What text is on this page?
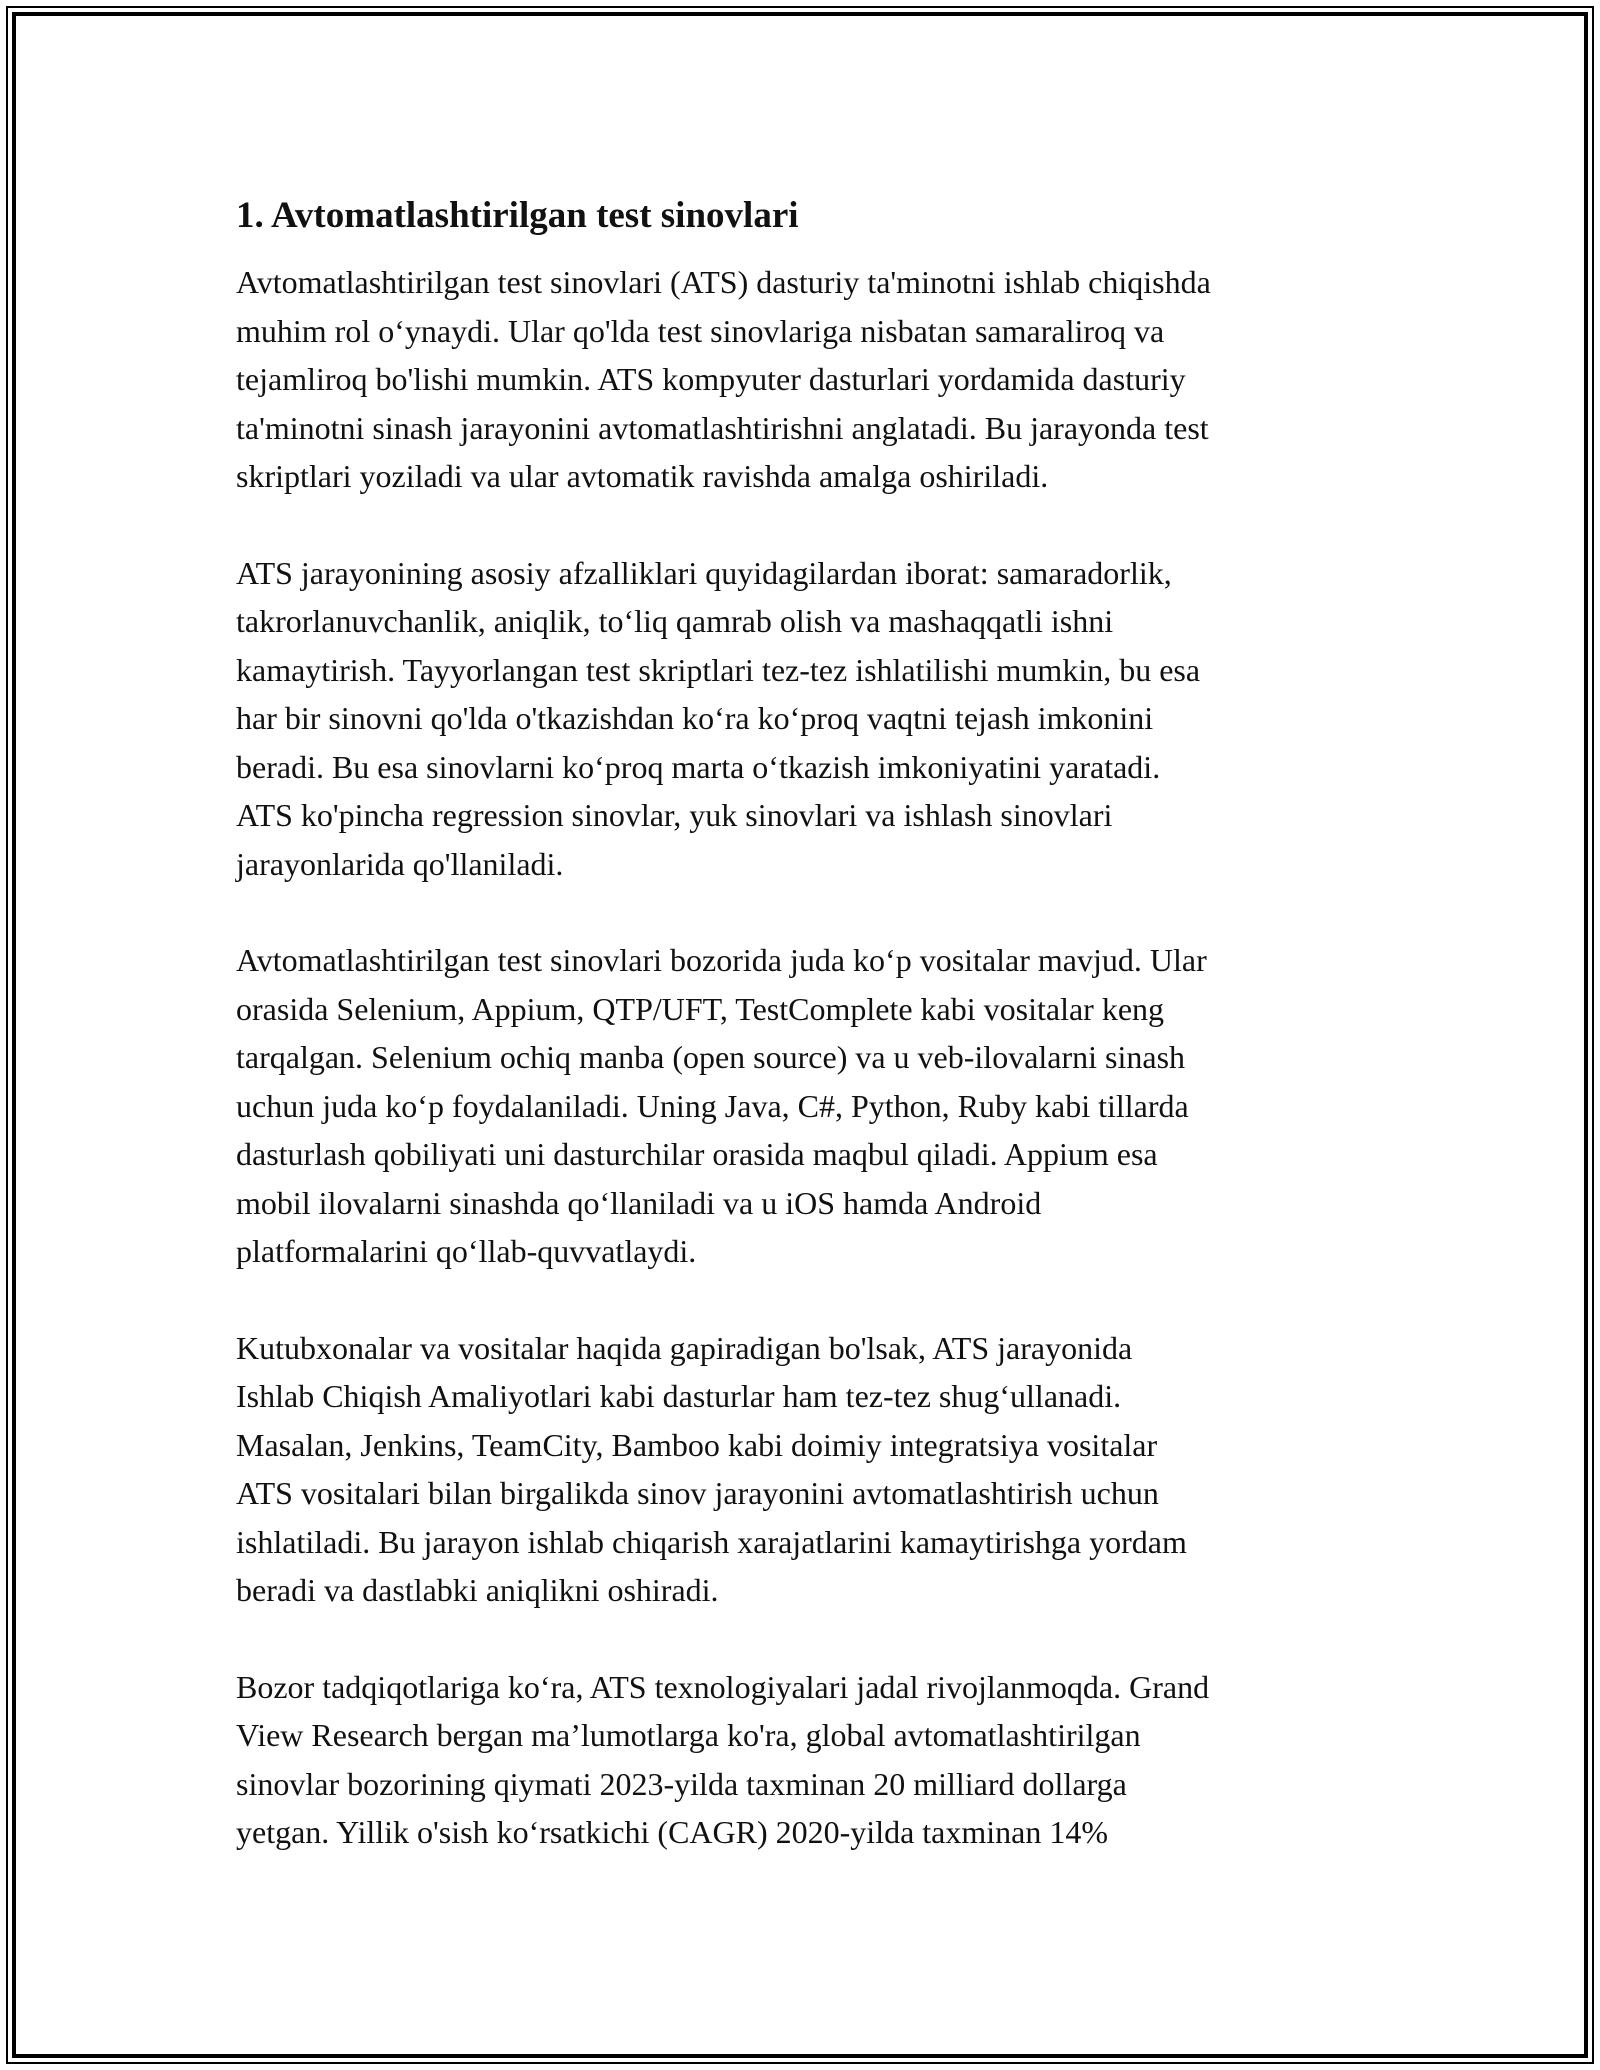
1. Avtomatlashtirilgan test sinovlari

Avtomatlashtirilgan test sinovlari (ATS) dasturiy ta'minotni ishlab chiqishda
muhim rol o‘ynaydi. Ular qo'lda test sinovlariga nisbatan samaraliroq va
tejamliroq bo'lishi mumkin. ATS kompyuter dasturlari yordamida dasturiy
ta'minotni sinash jarayonini avtomatlashtirishni anglatadi. Bu jarayonda test
skriptlari yoziladi va ular avtomatik ravishda amalga oshiriladi.

ATS jarayonining asosiy afzalliklari quyidagilardan iborat: samaradorlik,
takrorlanuvchanlik, aniqlik, to‘liq qamrab olish va mashaqqatli ishni
kamaytirish. Tayyorlangan test skriptlari tez-tez ishlatilishi mumkin, bu esa
har bir sinovni qo'lda o'tkazishdan ko‘ra ko‘proq vaqtni tejash imkonini
beradi. Bu esa sinovlarni ko‘proq marta o‘tkazish imkoniyatini yaratadi.
ATS ko'pincha regression sinovlar, yuk sinovlari va ishlash sinovlari
jarayonlarida qo'llaniladi.

Avtomatlashtirilgan test sinovlari bozorida juda ko‘p vositalar mavjud. Ular
orasida Selenium, Appium, QTP/UFT, TestComplete kabi vositalar keng
tarqalgan. Selenium ochiq manba (open source) va u veb-ilovalarni sinash
uchun juda ko‘p foydalaniladi. Uning Java, C#, Python, Ruby kabi tillarda
dasturlash qobiliyati uni dasturchilar orasida maqbul qiladi. Appium esa
mobil ilovalarni sinashda qo‘llaniladi va u iOS hamda Android
platformalarini qo‘llab-quvvatlaydi.

Kutubxonalar va vositalar haqida gapiradigan bo'lsak, ATS jarayonida
Ishlab Chiqish Amaliyotlari kabi dasturlar ham tez-tez shug‘ullanadi.
Masalan, Jenkins, TeamCity, Bamboo kabi doimiy integratsiya vositalar
ATS vositalari bilan birgalikda sinov jarayonini avtomatlashtirish uchun
ishlatiladi. Bu jarayon ishlab chiqarish xarajatlarini kamaytirishga yordam
beradi va dastlabki aniqlikni oshiradi.

Bozor tadqiqotlariga ko‘ra, ATS texnologiyalari jadal rivojlanmoqda. Grand
View Research bergan ma’lumotlarga ko'ra, global avtomatlashtirilgan
sinovlar bozorining qiymati 2023-yilda taxminan 20 milliard dollarga
yetgan. Yillik o'sish ko‘rsatkichi (CAGR) 2020-yilda taxminan 14%
